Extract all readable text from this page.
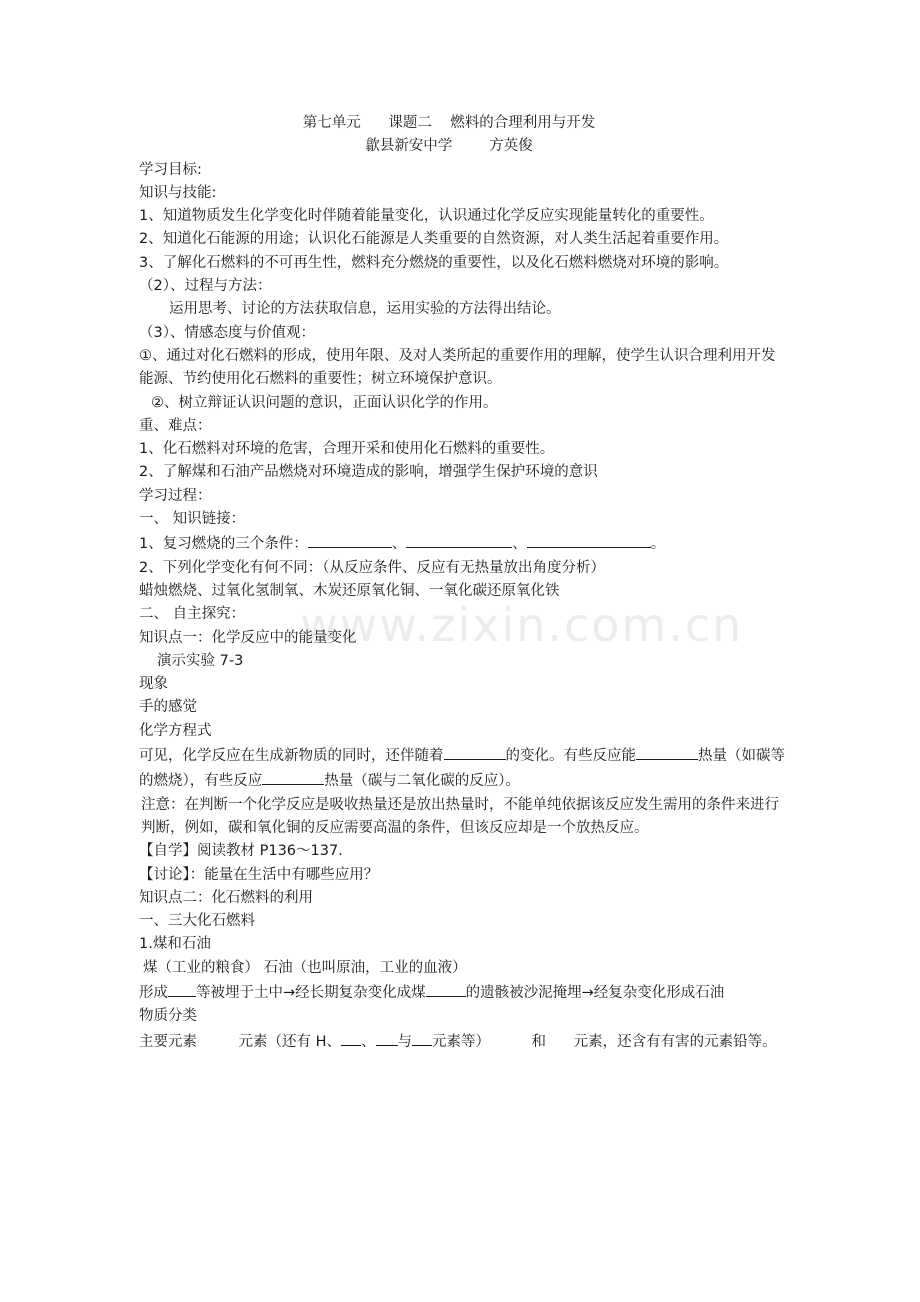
www.zixin.com.cn
第七单元      课题二    燃料的合理利用与开发
歙县新安中学        方英俊
学习目标:
知识与技能:
1、知道物质发生化学变化时伴随着能量变化，认识通过化学反应实现能量转化的重要性。
2、知道化石能源的用途；认识化石能源是人类重要的自然资源，对人类生活起着重要作用。
3、了解化石燃料的不可再生性，燃料充分燃烧的重要性，以及化石燃料燃烧对环境的影响。
（2）、过程与方法：
运用思考、讨论的方法获取信息，运用实验的方法得出结论。
（3）、情感态度与价值观：
①、通过对化石燃料的形成，使用年限、及对人类所起的重要作用的理解，使学生认识合理利用开发能源、节约使用化石燃料的重要性；树立环境保护意识。
②、树立辩证认识问题的意识，正面认识化学的作用。
重、难点：
1、化石燃料对环境的危害，合理开采和使用化石燃料的重要性。
2、了解煤和石油产品燃烧对环境造成的影响，增强学生保护环境的意识
学习过程：
一、 知识链接：
1、复习燃烧的三个条件：	、	、	。
2、下列化学变化有何不同：（从反应条件、反应有无热量放出角度分析）
蜡烛燃烧、过氧化氢制氧、木炭还原氧化铜、一氧化碳还原氧化铁
二、 自主探究：
知识点一：化学反应中的能量变化
演示实验 7-3
现象
手的感觉
化学方程式
可见，化学反应在生成新物质的同时，还伴随着	的变化。有些反应能	热量（如碳等的燃烧），有些反应	热量（碳与二氧化碳的反应）。
注意：在判断一个化学反应是吸收热量还是放出热量时，不能单纯依据该反应发生需用的条件来进行判断，例如，碳和氧化铜的反应需要高温的条件，但该反应却是一个放热反应。
【自学】阅读教材 P136～137.
【讨论】：能量在生活中有哪些应用？
知识点二：化石燃料的利用
一、三大化石燃料
1.煤和石油
煤（工业的粮食） 石油（也叫原油，工业的血液）
形成 等被埋于土中→经长期复杂变化成煤	的遗骸被沙泥掩埋→经复杂变化形成石油
物质分类
主要元素         元素（还有 H、 、 与 元素等）         和      元素，还含有有害的元素铅等。
